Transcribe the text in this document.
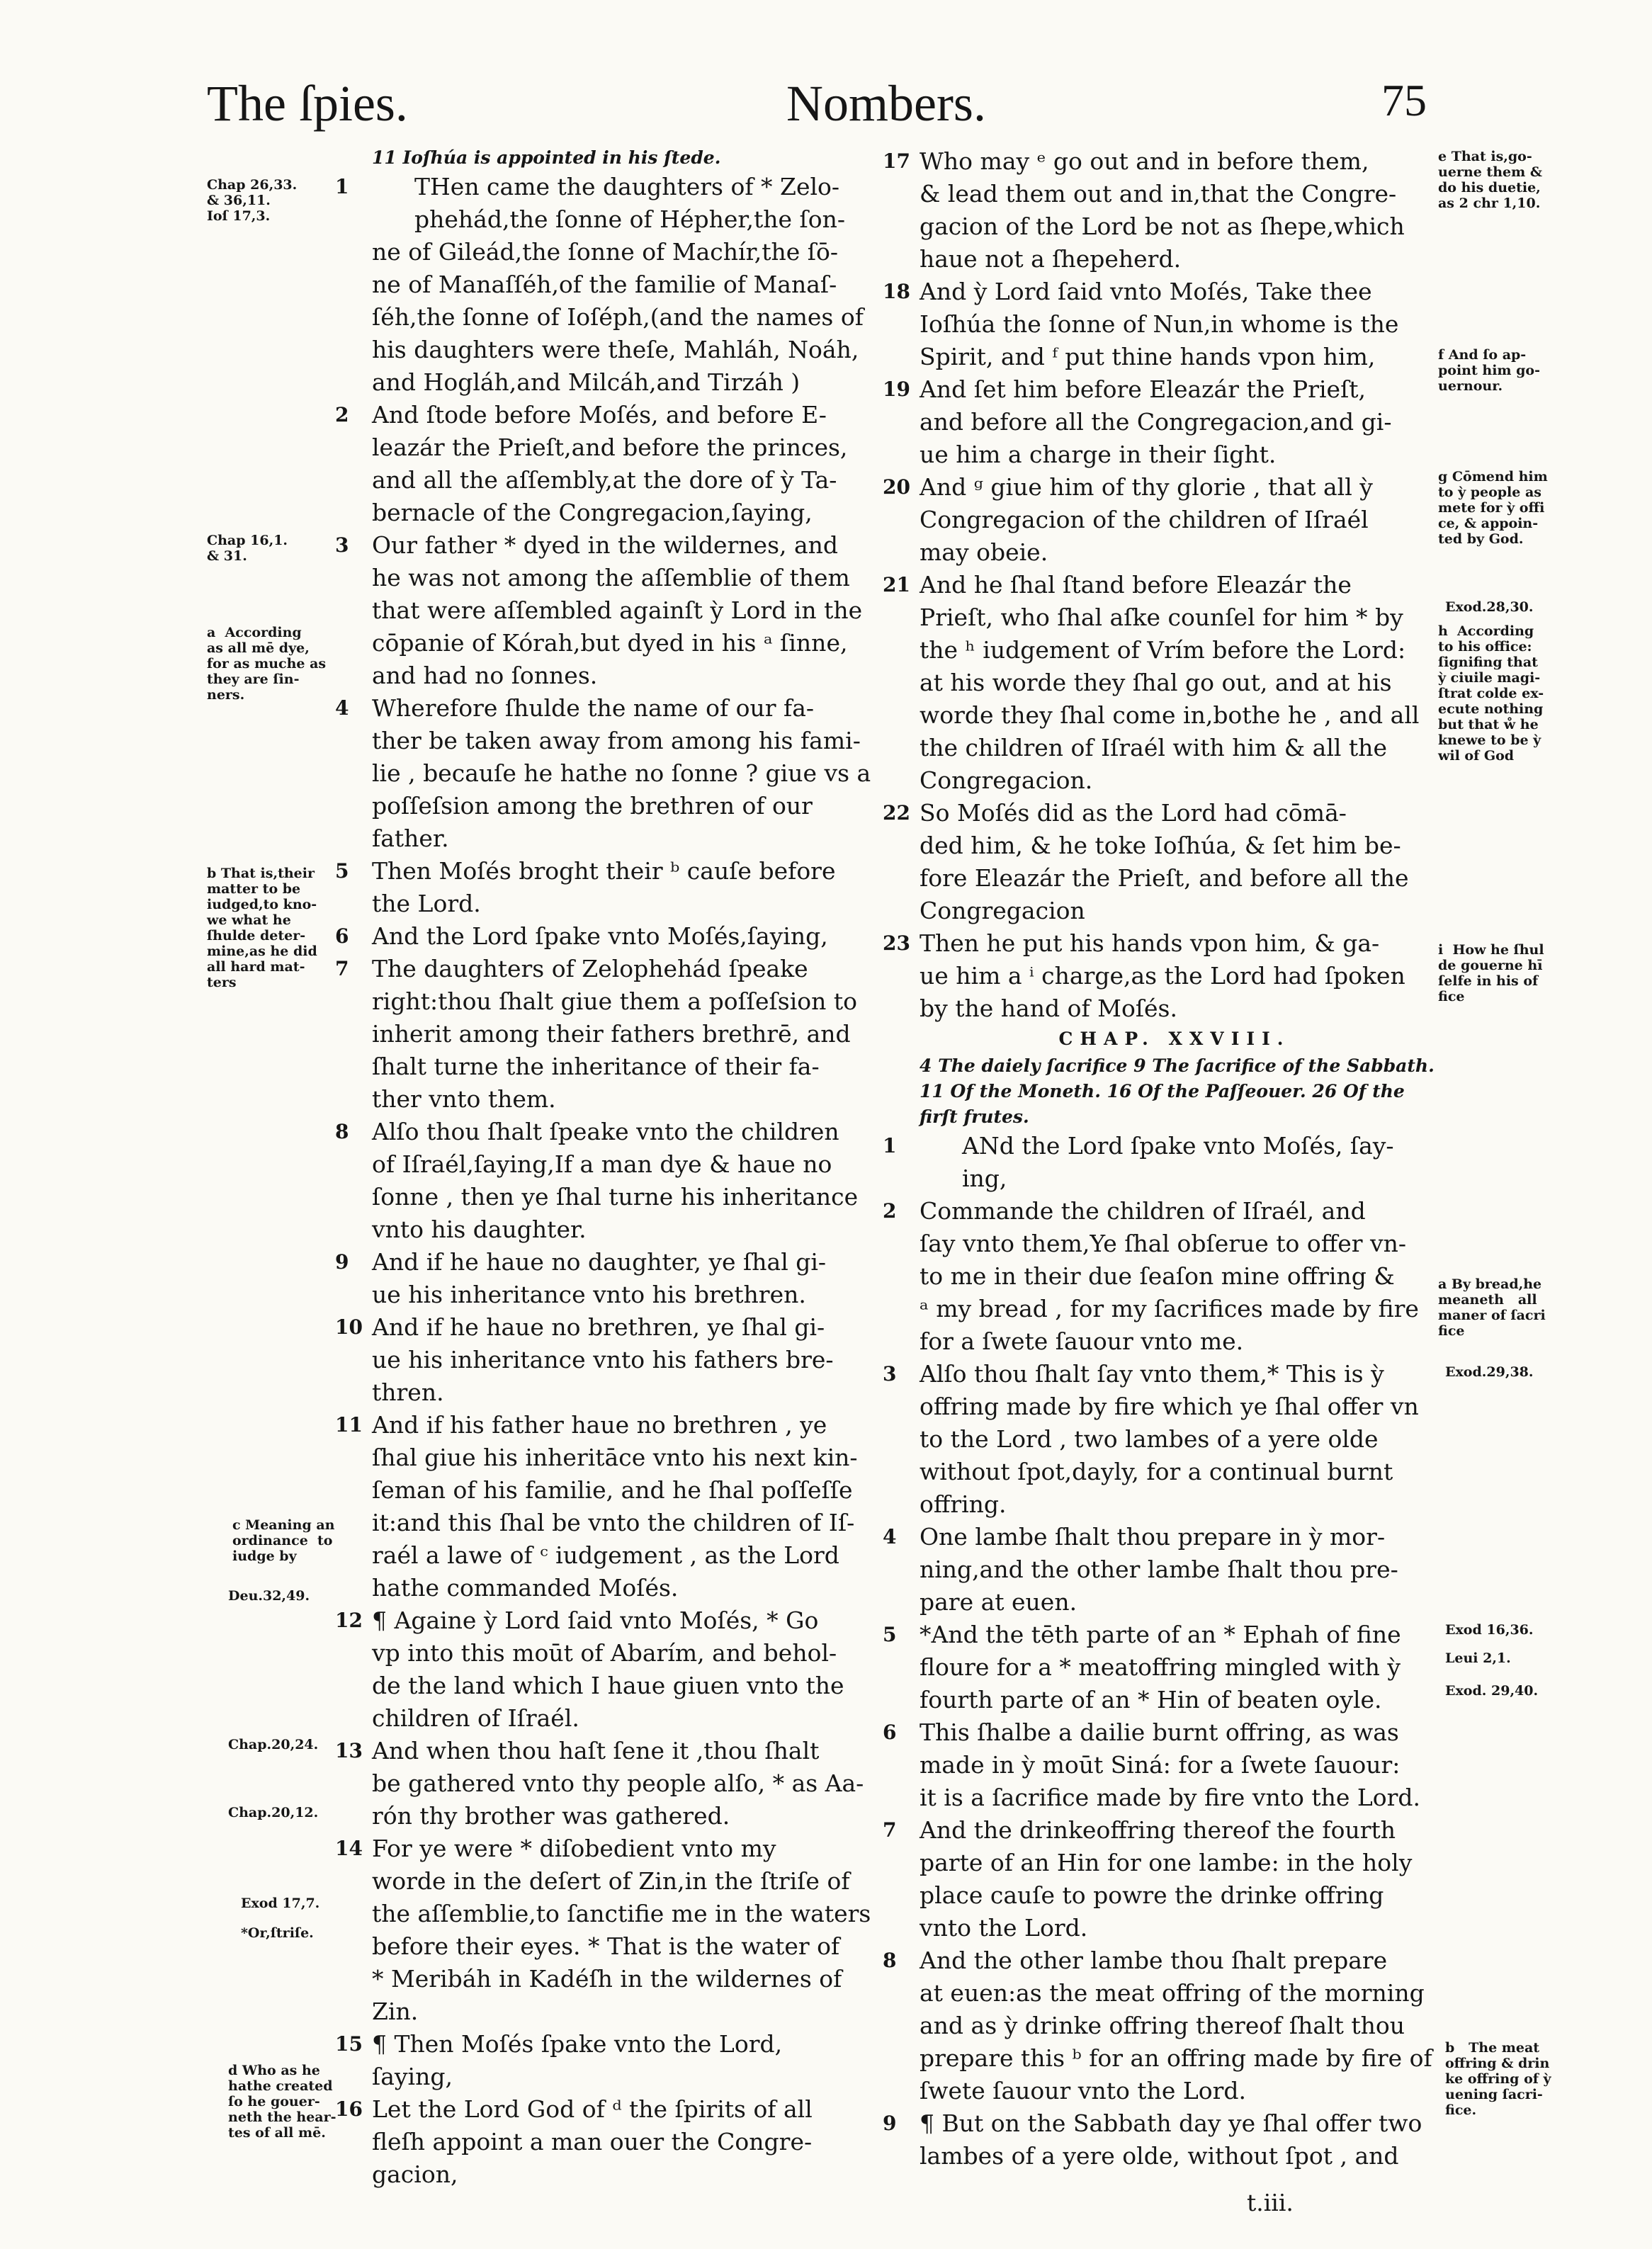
The ſpies.	Nombers.	75
11 Ioſhúa is appointed in his ſtede.
1	THen came the daughters of * Zelo-
phehád,the ſonne of Hépher,the ſon-
ne of Gileád,the ſonne of Machír,the ſō-
ne of Manaſſéh,of the familie of Manaſ-
ſéh,the ſonne of Ioſéph,(and the names of
his daughters were theſe, Mahláh, Noáh,
and Hogláh,and Milcáh,and Tirzáh )
2 And ſtode before Moſés, and before E-
leazár the Prieſt,and before the princes,
and all the aſſembly,at the dore of ỳ Ta-
bernacle of the Congregacion,ſaying,
3 Our father * dyed in the wildernes, and
he was not among the aſſemblie of them
that were aſſembled againſt ỳ Lord in the
cōpanie of Kórah,but dyed in his ᵃ ſinne,
and had no ſonnes.
4 Wherefore ſhulde the name of our fa-
ther be taken away from among his fami-
lie , becauſe he hathe no ſonne ? giue vs a
poſſeſsion among the brethren of our
father.
5 Then Moſés broght their ᵇ cauſe before
the Lord.
6 And the Lord ſpake vnto Moſés,ſaying,
7 The daughters of Zelophehád ſpeake
right:thou ſhalt giue them a poſſeſsion to
inherit among their fathers brethrē, and
ſhalt turne the inheritance of their fa-
ther vnto them.
8 Alſo thou ſhalt ſpeake vnto the children
of Iſraél,ſaying,If a man dye & haue no
ſonne , then ye ſhal turne his inheritance
vnto his daughter.
9 And if he haue no daughter, ye ſhal gi-
ue his inheritance vnto his brethren.
10 And if he haue no brethren, ye ſhal gi-
ue his inheritance vnto his fathers bre-
thren.
11 And if his father haue no brethren , ye
ſhal giue his inheritāce vnto his next kin-
ſeman of his familie, and he ſhal poſſeſſe
it:and this ſhal be vnto the children of Iſ-
raél a lawe of ᶜ iudgement , as the Lord
hathe commanded Moſés.
12 ¶ Againe ỳ Lord ſaid vnto Moſés, * Go
vp into this moūt of Abarím, and behol-
de the land which I haue giuen vnto the
children of Iſraél.
13 And when thou haſt ſene it ,thou ſhalt
be gathered vnto thy people alſo, * as Aa-
rón thy brother was gathered.
14 For ye were * diſobedient vnto my
worde in the deſert of Zin,in the ſtriſe of
the aſſemblie,to ſanctifie me in the waters
before their eyes. * That is the water of
* Meribáh in Kadéſh in the wildernes of
Zin.
15 ¶ Then Moſés ſpake vnto the Lord,
ſaying,
16 Let the Lord God of ᵈ the ſpirits of all
fleſh appoint a man ouer the Congre-
gacion,
17 Who may ᵉ go out and in before them,
& lead them out and in,that the Congre-
gacion of the Lord be not as ſhepe,which
haue not a ſhepeherd.
18 And ỳ Lord ſaid vnto Moſés, Take thee
Ioſhúa the ſonne of Nun,in whome is the
Spirit, and ᶠ put thine hands vpon him,
19 And ſet him before Eleazár the Prieſt,
and before all the Congregacion,and gi-
ue him a charge in their ſight.
20 And ᵍ giue him of thy glorie , that all ỳ
Congregacion of the children of Iſraél
may obeie.
21 And he ſhal ſtand before Eleazár the
Prieſt, who ſhal aſke counſel for him * by
the ʰ iudgement of Vrím before the Lord:
at his worde they ſhal go out, and at his
worde they ſhal come in,bothe he , and all
the children of Iſraél with him & all the
Congregacion.
22 So Moſés did as the Lord had cōmā-
ded him, & he toke Ioſhúa, & ſet him be-
fore Eleazár the Prieſt, and before all the
Congregacion
23 Then he put his hands vpon him, & ga-
ue him a ⁱ charge,as the Lord had ſpoken
by the hand of Moſés.
CHAP. XXVIII.
4 The daiely ſacrifice 9 The ſacrifice of the Sabbath.
11 Of the Moneth. 16 Of the Paſſeouer. 26 Of the
firſt frutes.
1	ANd the Lord ſpake vnto Moſés, ſay-
ing,
2 Commande the children of Iſraél, and
ſay vnto them,Ye ſhal obſerue to offer vn-
to me in their due ſeaſon mine offring &
ᵃ my bread , for my ſacrifices made by fire
for a ſwete ſauour vnto me.
3 Alſo thou ſhalt ſay vnto them,* This is ỳ
offring made by fire which ye ſhal offer vn
to the Lord , two lambes of a yere olde
without ſpot,dayly, for a continual burnt
offring.
4 One lambe ſhalt thou prepare in ỳ mor-
ning,and the other lambe ſhalt thou pre-
pare at euen.
5 *And the tēth parte of an * Ephah of fine
floure for a * meatoffring mingled with ỳ
fourth parte of an * Hin of beaten oyle.
6 This ſhalbe a dailie burnt offring, as was
made in ỳ moūt Siná: for a ſwete ſauour:
it is a ſacrifice made by fire vnto the Lord.
7 And the drinkeoffring thereof the fourth
parte of an Hin for one lambe: in the holy
place cauſe to powre the drinke offring
vnto the Lord.
8 And the other lambe thou ſhalt prepare
at euen:as the meat offring of the morning
and as ỳ drinke offring thereof ſhalt thou
prepare this ᵇ for an offring made by fire of
ſwete ſauour vnto the Lord.
9 ¶ But on the Sabbath day ye ſhal offer two
lambes of a yere olde, without ſpot , and
Chap 26,33.
& 36,11.
Ioſ 17,3.
Chap 16,1.
& 31.
a  According
as all mē dye,
for as muche as
they are ſin-
ners.
b That is,their
matter to be
iudged,to kno-
we what he
ſhulde deter-
mine,as he did
all hard mat-
ters
c Meaning an
ordinance  to
iudge by
Deu.32,49.
Chap.20,24.
Chap.20,12.
Exod 17,7.
*Or,ſtriſe.
d Who as he
hathe created
ſo he gouer-
neth the hear-
tes of all mē.
e That is,go-
uerne them &
do his duetie,
as 2 chr 1,10.
f And ſo ap-
point him go-
uernour.
g Cōmend him
to ỳ people as
mete for ỳ offi
ce, & appoin-
ted by God.
Exod.28,30.
h  According
to his office:
ſignifing that
ỳ ciuile magi-
ſtrat colde ex-
ecute nothing
but that ẘ he
knewe to be ỳ
wil of God
i  How he ſhul
de gouerne hī
ſelfe in his of
fice
a By bread,he
meaneth   all
maner of ſacri
fice
Exod.29,38.
Exod 16,36.
Leui 2,1.
Exod. 29,40.
b   The meat
offring & drin
ke offring of ỳ
uening ſacri-
fice.
t.iii.
